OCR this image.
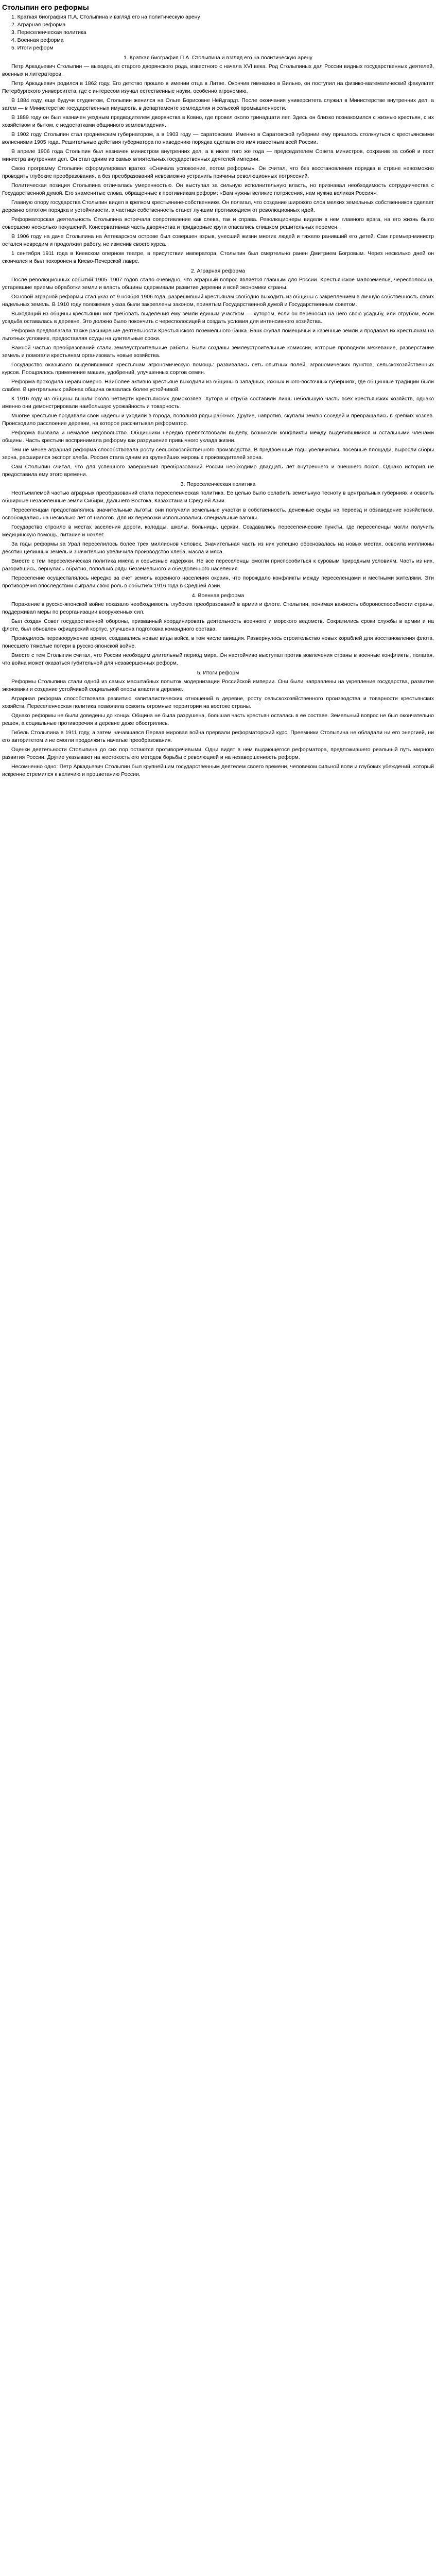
Столыпин его реформы

1. Краткая биография П.А. Столыпина и взгляд его на политическую арену

2. Аграрная реформа

3. Переселенческая политика

4. Военная реформа

5. Итоги реформ

1. Краткая биография П.А. Столыпина и взгляд его на политическую арену

Петр Аркадьевич Столыпин — выходец из старого дворянского рода, известного с начала XVI века. Род Столыпиных дал России видных государственных деятелей, военных и литераторов.

Петр Аркадьевич родился в 1862 году. Его детство прошло в имении отца в Литве. Окончив гимназию в Вильно, он поступил на физико-математический факультет Петербургского университета, где с интересом изучал естественные науки, особенно агрономию.

В 1884 году, еще будучи студентом, Столыпин женился на Ольге Борисовне Нейдгардт. После окончания университета служил в Министерстве внутренних дел, а затем — в Министерстве государственных имуществ, в департаменте земледелия и сельской промышленности.

В 1889 году он был назначен уездным предводителем дворянства в Ковно, где провел около тринадцати лет. Здесь он близко познакомился с жизнью крестьян, с их хозяйством и бытом, с недостатками общинного землевладения.

В 1902 году Столыпин стал гродненским губернатором, а в 1903 году — саратовским. Именно в Саратовской губернии ему пришлось столкнуться с крестьянскими волнениями 1905 года. Решительные действия губернатора по наведению порядка сделали его имя известным всей России.

В апреле 1906 года Столыпин был назначен министром внутренних дел, а в июле того же года — председателем Совета министров, сохранив за собой и пост министра внутренних дел. Он стал одним из самых влиятельных государственных деятелей империи.

Свою программу Столыпин сформулировал кратко: «Сначала успокоение, потом реформы». Он считал, что без восстановления порядка в стране невозможно проводить глубокие преобразования, а без преобразований невозможно устранить причины революционных потрясений.

Политическая позиция Столыпина отличалась умеренностью. Он выступал за сильную исполнительную власть, но признавал необходимость сотрудничества с Государственной думой. Его знаменитые слова, обращенные к противникам реформ: «Вам нужны великие потрясения, нам нужна великая Россия».

Главную опору государства Столыпин видел в крепком крестьянине-собственнике. Он полагал, что создание широкого слоя мелких земельных собственников сделает деревню оплотом порядка и устойчивости, а частная собственность станет лучшим противоядием от революционных идей.

Реформаторская деятельность Столыпина встречала сопротивление как слева, так и справа. Революционеры видели в нем главного врага, на его жизнь было совершено несколько покушений. Консервативная часть дворянства и придворные круги опасались слишком решительных перемен.

В 1906 году на даче Столыпина на Аптекарском острове был совершен взрыв, унесший жизни многих людей и тяжело ранивший его детей. Сам премьер-министр остался невредим и продолжил работу, не изменив своего курса.

1 сентября 1911 года в Киевском оперном театре, в присутствии императора, Столыпин был смертельно ранен Дмитрием Богровым. Через несколько дней он скончался и был похоронен в Киево-Печерской лавре.

2. Аграрная реформа

После революционных событий 1905–1907 годов стало очевидно, что аграрный вопрос является главным для России. Крестьянское малоземелье, чересполосица, устаревшие приемы обработки земли и власть общины сдерживали развитие деревни и всей экономики страны.

Основой аграрной реформы стал указ от 9 ноября 1906 года, разрешивший крестьянам свободно выходить из общины с закреплением в личную собственность своих надельных земель. В 1910 году положения указа были закреплены законом, принятым Государственной думой и Государственным советом.

Выходящий из общины крестьянин мог требовать выделения ему земли единым участком — хутором, если он переносил на него свою усадьбу, или отрубом, если усадьба оставалась в деревне. Это должно было покончить с чересполосицей и создать условия для интенсивного хозяйства.

Реформа предполагала также расширение деятельности Крестьянского поземельного банка. Банк скупал помещичьи и казенные земли и продавал их крестьянам на льготных условиях, предоставляя ссуды на длительные сроки.

Важной частью преобразований стали землеустроительные работы. Были созданы землеустроительные комиссии, которые проводили межевание, разверстание земель и помогали крестьянам организовать новые хозяйства.

Государство оказывало выделившимся крестьянам агрономическую помощь: развивалась сеть опытных полей, агрономических пунктов, сельскохозяйственных курсов. Поощрялось применение машин, удобрений, улучшенных сортов семян.

Реформа проходила неравномерно. Наиболее активно крестьяне выходили из общины в западных, южных и юго-восточных губерниях, где общинные традиции были слабее. В центральных районах община оказалась более устойчивой.

К 1916 году из общины вышли около четверти крестьянских домохозяев. Хутора и отруба составили лишь небольшую часть всех крестьянских хозяйств, однако именно они демонстрировали наибольшую урожайность и товарность.

Многие крестьяне продавали свои наделы и уходили в города, пополняя ряды рабочих. Другие, напротив, скупали землю соседей и превращались в крепких хозяев. Происходило расслоение деревни, на которое рассчитывал реформатор.

Реформа вызвала и немалое недовольство. Общинники нередко препятствовали выделу, возникали конфликты между выделившимися и остальными членами общины. Часть крестьян воспринимала реформу как разрушение привычного уклада жизни.

Тем не менее аграрная реформа способствовала росту сельскохозяйственного производства. В предвоенные годы увеличились посевные площади, выросли сборы зерна, расширился экспорт хлеба. Россия стала одним из крупнейших мировых производителей зерна.

Сам Столыпин считал, что для успешного завершения преобразований России необходимо двадцать лет внутреннего и внешнего покоя. Однако история не предоставила ему этого времени.

3. Переселенческая политика

Неотъемлемой частью аграрных преобразований стала переселенческая политика. Ее целью было ослабить земельную тесноту в центральных губерниях и освоить обширные незаселенные земли Сибири, Дальнего Востока, Казахстана и Средней Азии.

Переселенцам предоставлялись значительные льготы: они получали земельные участки в собственность, денежные ссуды на переезд и обзаведение хозяйством, освобождались на несколько лет от налогов. Для их перевозки использовались специальные вагоны.

Государство строило в местах заселения дороги, колодцы, школы, больницы, церкви. Создавались переселенческие пункты, где переселенцы могли получить медицинскую помощь, питание и ночлег.

За годы реформы за Урал переселилось более трех миллионов человек. Значительная часть из них успешно обосновалась на новых местах, освоила миллионы десятин целинных земель и значительно увеличила производство хлеба, масла и мяса.

Вместе с тем переселенческая политика имела и серьезные издержки. Не все переселенцы смогли приспособиться к суровым природным условиям. Часть из них, разорившись, вернулась обратно, пополнив ряды безземельного и обездоленного населения.

Переселение осуществлялось нередко за счет земель коренного населения окраин, что порождало конфликты между переселенцами и местными жителями. Эти противоречия впоследствии сыграли свою роль в событиях 1916 года в Средней Азии.

4. Военная реформа

Поражение в русско-японской войне показало необходимость глубоких преобразований в армии и флоте. Столыпин, понимая важность обороноспособности страны, поддерживал меры по реорганизации вооруженных сил.

Был создан Совет государственной обороны, призванный координировать деятельность военного и морского ведомств. Сократились сроки службы в армии и на флоте, был обновлен офицерский корпус, улучшена подготовка командного состава.

Проводилось перевооружение армии, создавались новые виды войск, в том числе авиация. Развернулось строительство новых кораблей для восстановления флота, понесшего тяжелые потери в русско-японской войне.

Вместе с тем Столыпин считал, что России необходим длительный период мира. Он настойчиво выступал против вовлечения страны в военные конфликты, полагая, что война может оказаться губительной для незавершенных реформ.

5. Итоги реформ

Реформы Столыпина стали одной из самых масштабных попыток модернизации Российской империи. Они были направлены на укрепление государства, развитие экономики и создание устойчивой социальной опоры власти в деревне.

Аграрная реформа способствовала развитию капиталистических отношений в деревне, росту сельскохозяйственного производства и товарности крестьянских хозяйств. Переселенческая политика позволила освоить огромные территории на востоке страны.

Однако реформы не были доведены до конца. Община не была разрушена, большая часть крестьян осталась в ее составе. Земельный вопрос не был окончательно решен, а социальные противоречия в деревне даже обострились.

Гибель Столыпина в 1911 году, а затем начавшаяся Первая мировая война прервали реформаторский курс. Преемники Столыпина не обладали ни его энергией, ни его авторитетом и не смогли продолжить начатые преобразования.

Оценки деятельности Столыпина до сих пор остаются противоречивыми. Одни видят в нем выдающегося реформатора, предложившего реальный путь мирного развития России. Другие указывают на жестокость его методов борьбы с революцией и на незавершенность реформ.

Несомненно одно: Петр Аркадьевич Столыпин был крупнейшим государственным деятелем своего времени, человеком сильной воли и глубоких убеждений, который искренне стремился к величию и процветанию России.
